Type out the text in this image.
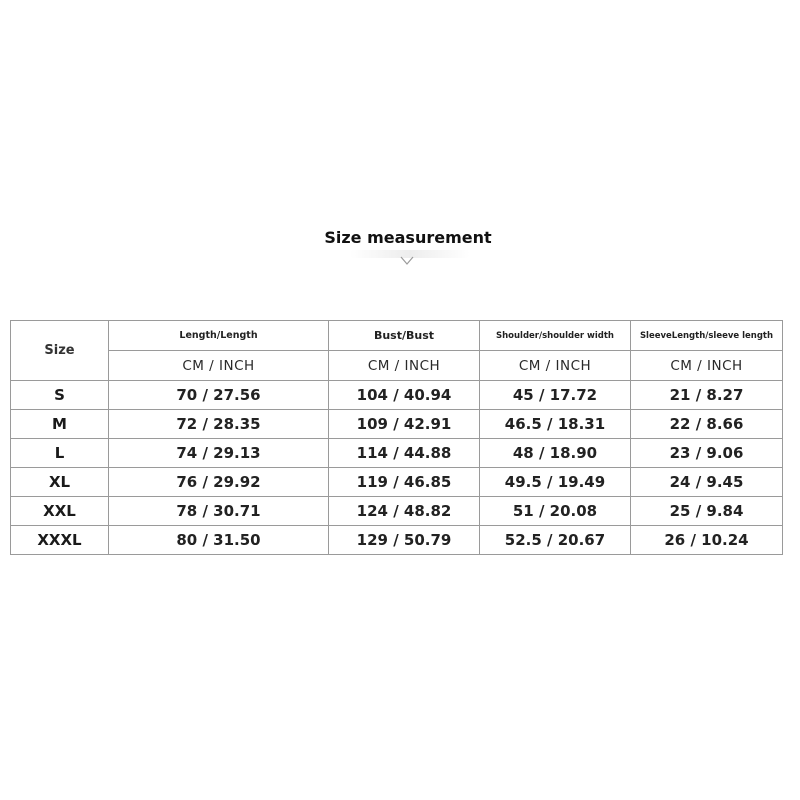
Size measurement
Size	Length/Length	Bust/Bust	Shoulder/shoulder width	SleeveLength/sleeve length
	CM / INCH	CM / INCH	CM / INCH	CM / INCH
S	70 / 27.56	104 / 40.94	45 / 17.72	21 / 8.27
M	72 / 28.35	109 / 42.91	46.5 / 18.31	22 / 8.66
L	74 / 29.13	114 / 44.88	48 / 18.90	23 / 9.06
XL	76 / 29.92	119 / 46.85	49.5 / 19.49	24 / 9.45
XXL	78 / 30.71	124 / 48.82	51 / 20.08	25 / 9.84
XXXL	80 / 31.50	129 / 50.79	52.5 / 20.67	26 / 10.24
